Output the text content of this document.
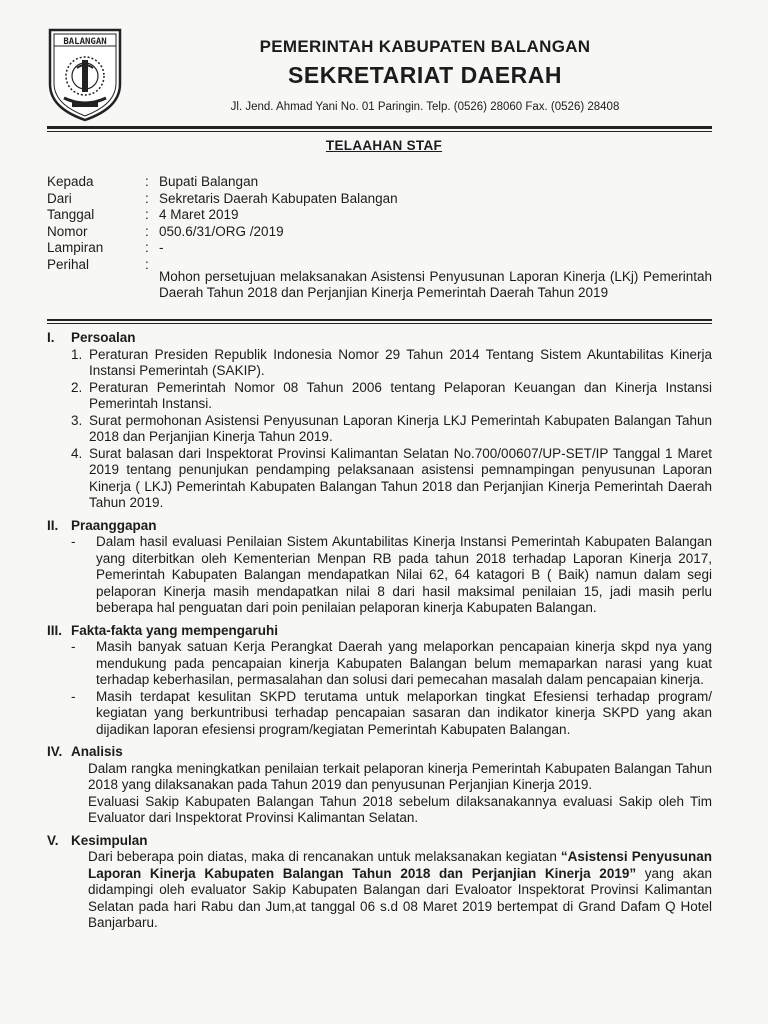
BALANGAN	PEMERINTAH KABUPATEN BALANGAN
SEKRETARIAT DAERAH
Jl. Jend. Ahmad Yani No. 01 Paringin. Telp. (0526) 28060 Fax. (0526) 28408
TELAAHAN STAF
Kepada	: Bupati Balangan
Dari	: Sekretaris Daerah Kabupaten Balangan
Tanggal	: 4 Maret 2019
Nomor	: 050.6/31/ORG /2019
Lampiran	: -
Perihal	:
Mohon persetujuan melaksanakan Asistensi Penyusunan Laporan Kinerja (LKj) Pemerintah Daerah Tahun 2018 dan Perjanjian Kinerja Pemerintah Daerah Tahun 2019
I.	Persoalan
1. Peraturan Presiden Republik Indonesia Nomor 29 Tahun 2014 Tentang Sistem Akuntabilitas Kinerja Instansi Pemerintah (SAKIP).
2. Peraturan Pemerintah Nomor 08 Tahun 2006 tentang Pelaporan Keuangan dan Kinerja Instansi Pemerintah Instansi.
3. Surat permohonan Asistensi Penyusunan Laporan Kinerja LKJ Pemerintah Kabupaten Balangan Tahun 2018 dan Perjanjian Kinerja Tahun 2019.
4. Surat balasan dari Inspektorat Provinsi Kalimantan Selatan No.700/00607/UP-SET/IP Tanggal 1 Maret 2019 tentang penunjukan pendamping pelaksanaan asistensi pemnampingan penyusunan Laporan Kinerja ( LKJ) Pemerintah Kabupaten Balangan Tahun 2018 dan Perjanjian Kinerja Pemerintah Daerah Tahun 2019.
II. Praanggapan
-	Dalam hasil evaluasi Penilaian Sistem Akuntabilitas Kinerja Instansi Pemerintah Kabupaten Balangan yang diterbitkan oleh Kementerian Menpan RB pada tahun 2018 terhadap Laporan Kinerja 2017, Pemerintah Kabupaten Balangan mendapatkan Nilai 62, 64 katagori B ( Baik) namun dalam segi pelaporan Kinerja masih mendapatkan nilai 8 dari hasil maksimal penilaian 15, jadi masih perlu beberapa hal penguatan dari poin penilaian pelaporan kinerja Kabupaten Balangan.
III. Fakta-fakta yang mempengaruhi
-	Masih banyak satuan Kerja Perangkat Daerah yang melaporkan pencapaian kinerja skpd nya yang mendukung pada pencapaian kinerja Kabupaten Balangan belum memaparkan narasi yang kuat terhadap keberhasilan, permasalahan dan solusi dari pemecahan masalah dalam pencapaian kinerja.
-	Masih terdapat kesulitan SKPD terutama untuk melaporkan tingkat Efesiensi terhadap program/ kegiatan yang berkuntribusi terhadap pencapaian sasaran dan indikator kinerja SKPD yang akan dijadikan laporan efesiensi program/kegiatan Pemerintah Kabupaten Balangan.
IV. Analisis
Dalam rangka meningkatkan penilaian terkait pelaporan kinerja Pemerintah Kabupaten Balangan Tahun 2018 yang dilaksanakan pada Tahun 2019 dan penyusunan Perjanjian Kinerja 2019.
Evaluasi Sakip Kabupaten Balangan Tahun 2018 sebelum dilaksanakannya evaluasi Sakip oleh Tim Evaluator dari Inspektorat Provinsi Kalimantan Selatan.
V. Kesimpulan
Dari beberapa poin diatas, maka di rencanakan untuk melaksanakan kegiatan “Asistensi Penyusunan Laporan Kinerja Kabupaten Balangan Tahun 2018 dan Perjanjian Kinerja 2019” yang akan didampingi oleh evaluator Sakip Kabupaten Balangan dari Evaloator Inspektorat Provinsi Kalimantan Selatan pada hari Rabu dan Jum,at tanggal 06 s.d 08 Maret 2019 bertempat di Grand Dafam Q Hotel Banjarbaru.
